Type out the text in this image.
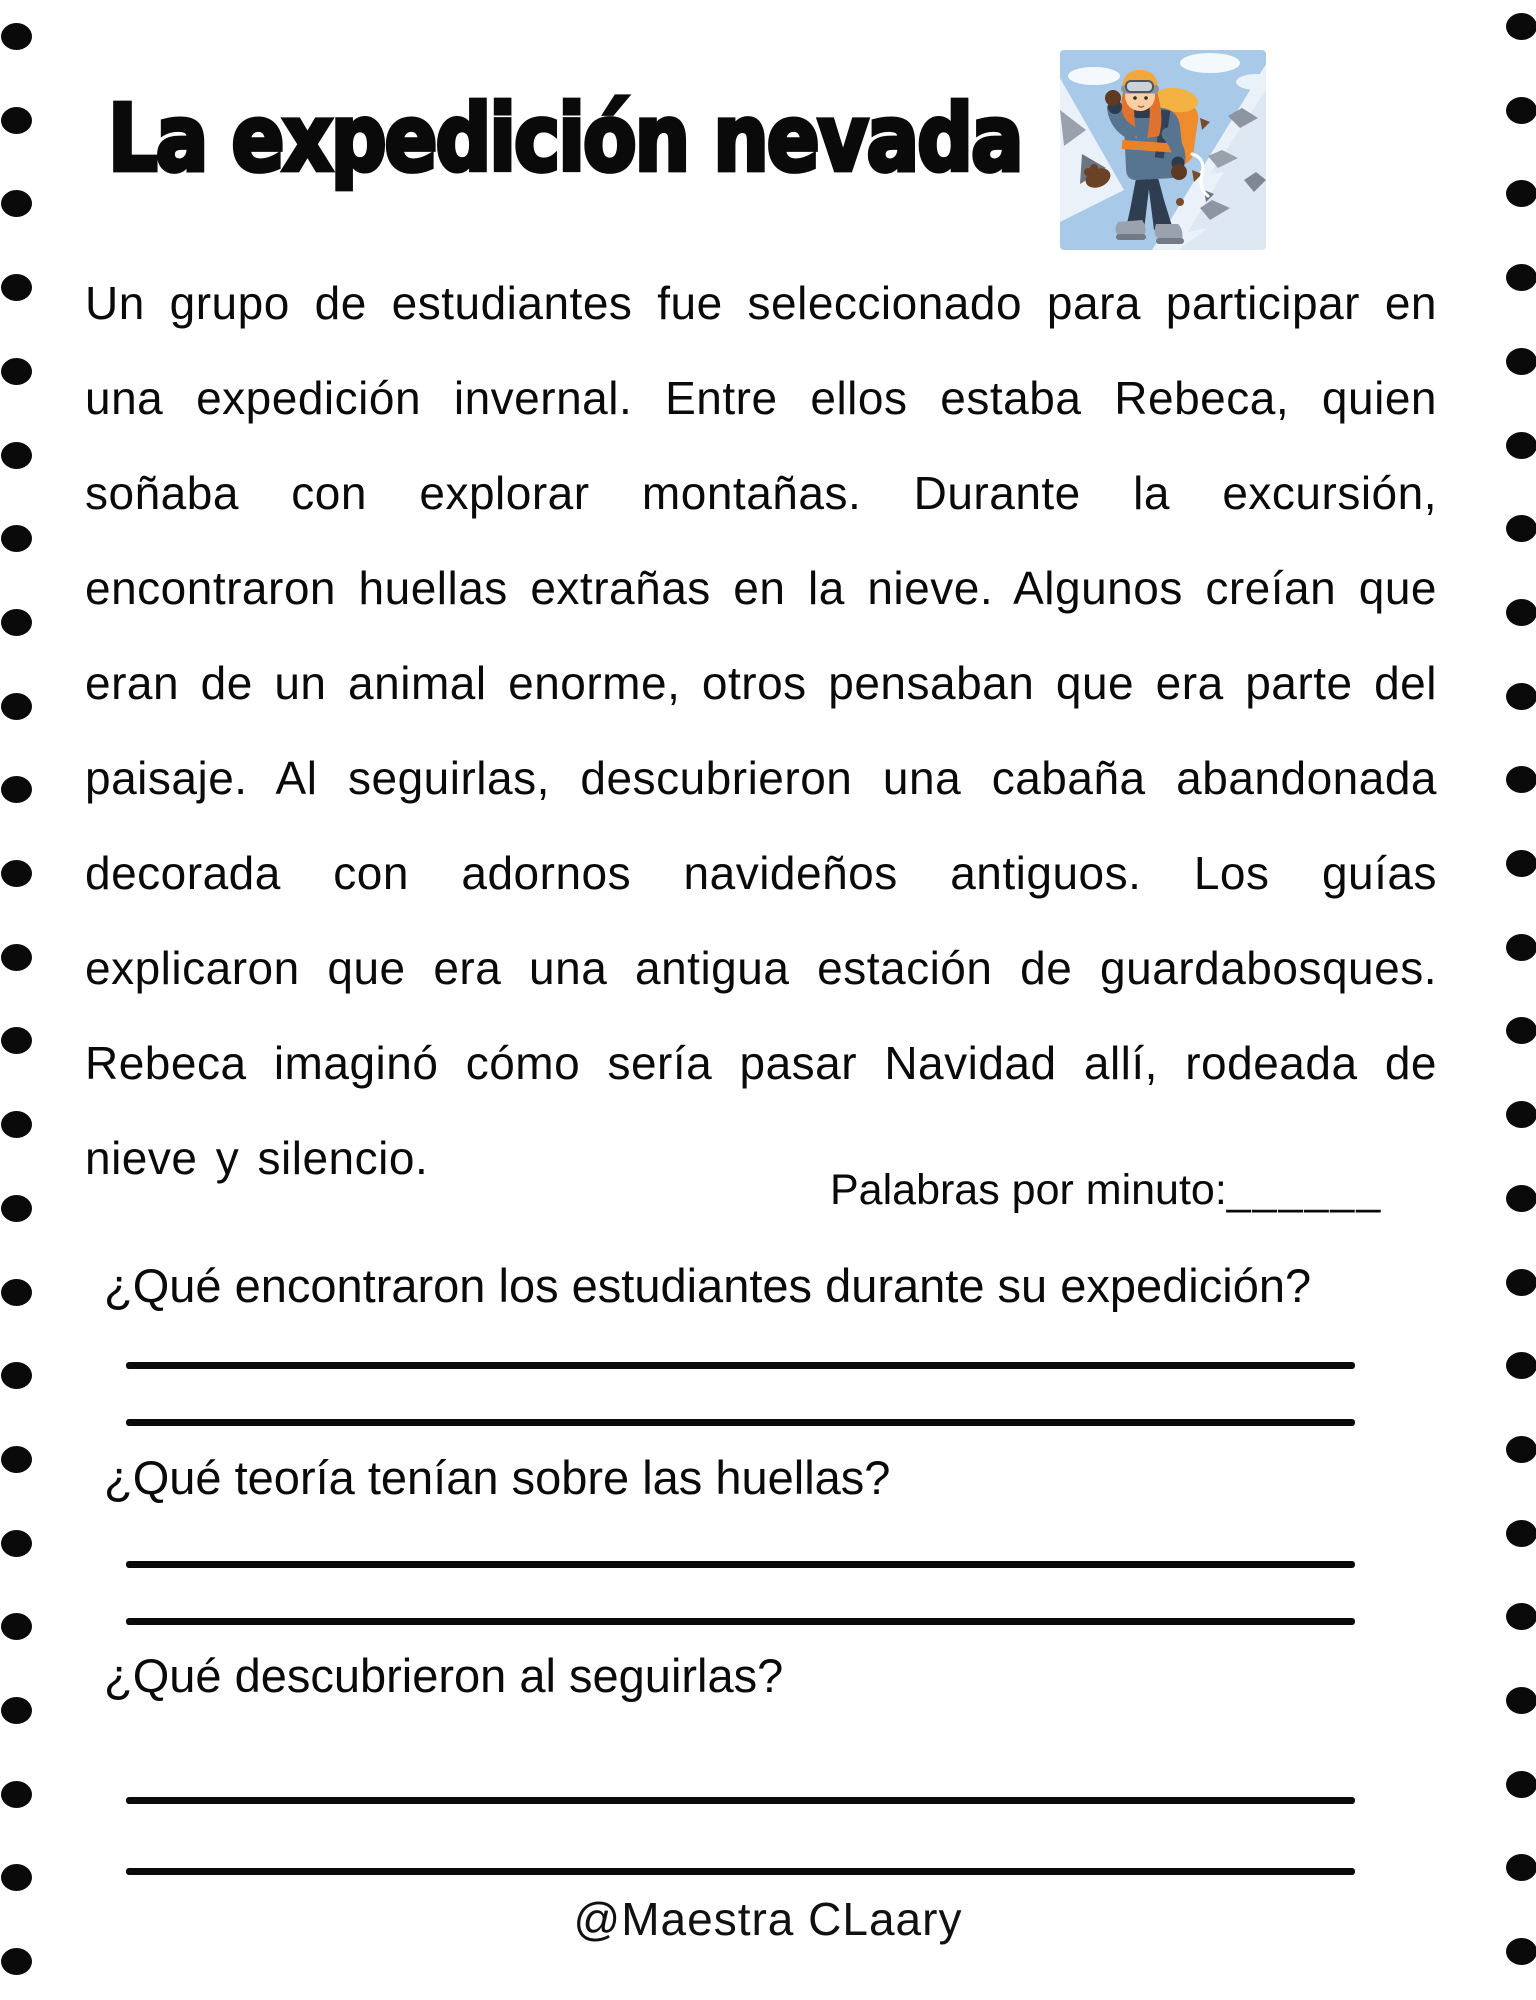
La expedición nevada

Un grupo de estudiantes fue seleccionado para participar en una expedición invernal. Entre ellos estaba Rebeca, quien soñaba con explorar montañas. Durante la excursión, encontraron huellas extrañas en la nieve. Algunos creían que eran de un animal enorme, otros pensaban que era parte del paisaje. Al seguirlas, descubrieron una cabaña abandonada decorada con adornos navideños antiguos. Los guías explicaron que era una antigua estación de guardabosques. Rebeca imaginó cómo sería pasar Navidad allí, rodeada de nieve y silencio.

Palabras por minuto:______

¿Qué encontraron los estudiantes durante su expedición?

¿Qué teoría tenían sobre las huellas?

¿Qué descubrieron al seguirlas?

@Maestra CLaary
